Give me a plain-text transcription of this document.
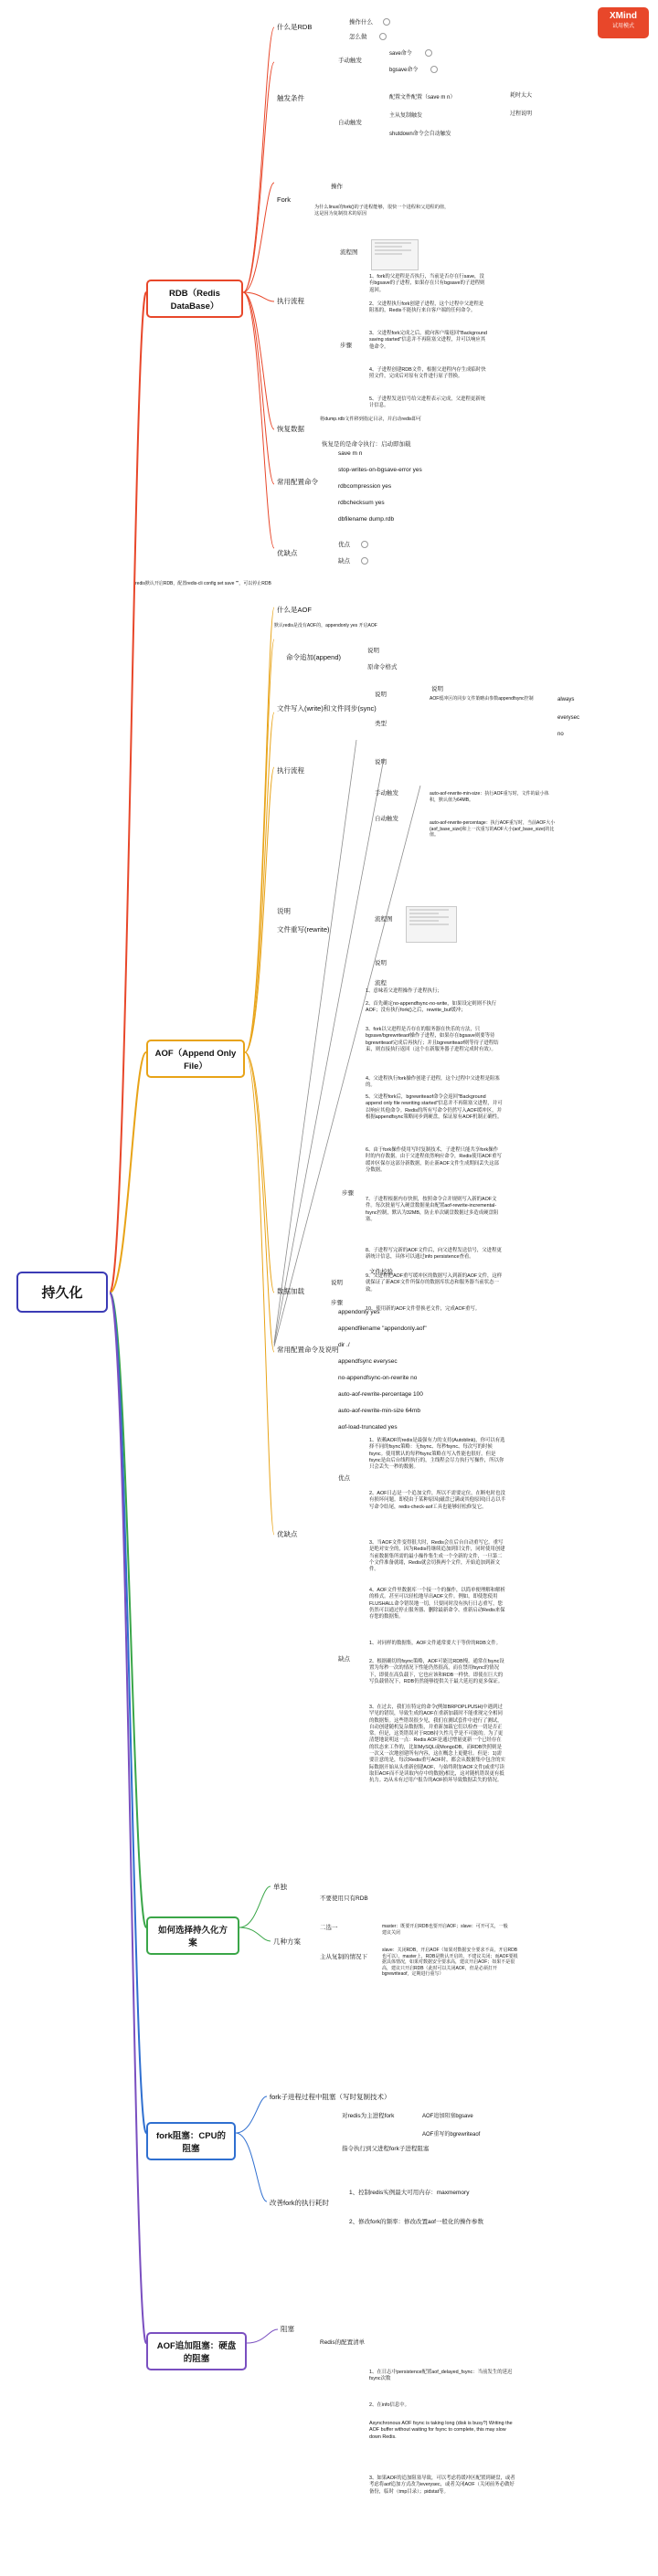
XMind
试用模式
持久化
RDB（Redis DataBase）
AOF（Append Only File）
如何选择持久化方案
fork阻塞：CPU的阻塞
AOF追加阻塞：硬盘的阻塞
什么是RDB
操作什么
怎么做
触发条件
手动触发
save命令
bgsave命令
自动触发
配置文件配置（save m n）
主从复制触发
shutdown命令会自动触发
耗时太大
过程说明
Fork
操作
为什么linux的fork()的子进程能够，很快一个进程和父进程的值，这是因为复制技术的原因
执行流程
流程图
步骤
1、fork的父进程是否执行，当前是否存在行save，没有bgsave的子进程，如果存在只有bgsave的子进程则返回。
2、父进程执行fork创建子进程，这个过程中父进程是阻塞的，Redis不能执行来自客户端的任何命令。
3、父进程fork完成之后，就向客户端返回"Background saving started"信息并不再阻塞父进程，并可以响应其他命令。
4、子进程创建RDB文件，根据父进程内存生成临时快照文件，完成后对原有文件进行原子替换。
5、子进程发送信号给父进程表示完成，父进程更新统计信息。
恢复数据
将dump.rdb文件移到指定目录，并启动redis即可
恢复是的是命令执行：启动即加载
常用配置命令
save m n
stop-writes-on-bgsave-error yes
rdbcompression yes
rdbchecksum yes
dbfilename dump.rdb
优缺点
优点
缺点
redis默认开启RDB，配置redis-cli config set save ""，可以停止RDB
什么是AOF
默认redis是没有AOF的，appendonly yes 开启AOF
命令追加(append)
说明
原命令格式
文件写入(write)和文件同步(sync)
说明
类型
说明
AOF缓冲区的同步文件策略由参数appendfsync控制	always
everysec
no
执行流程
说明
手动触发
自动触发
auto-aof-rewrite-min-size：执行AOF重写时，文件的最小体积，默认值为64MB。
auto-aof-rewrite-percentage：执行AOF重写时，当前AOF大小(aof_base_size)和上一次重写的AOF大小(aof_base_size)的比值。
说明
文件重写(rewrite)
流程图
说明
流程
步骤
1、意味着父进程操作子进程执行；
2、首先确定no-appendfsync-no-write，如果设定则则不执行AOF；没有执行fork()之后，rewrite_buf缓冲；
3、fork以父进程是否存在的服务器在快乐的方法，只bgsave/bgrewriteaof操作子进程，如果存在bgsave则要等待bgrewriteaof完成后再执行；并且bgrewriteaof则等待子进程结束，则直接执行返回（这个在新服务器子进程完成时有效）。
4、父进程执行fork操作创建子进程，这个过程中父进程是阻塞的。
5、父进程fork后，bgrewriteaof命令会返回"Background append only file rewriting started"信息并不再阻塞父进程，并可以响应其他命令。Redis的所有写命令仍然写入AOF缓冲区，并根据appendfsync策略同步到硬盘，保证原有AOF机制正确性。
6、由于fork操作使用写时复制技术，子进程只能共享fork操作时的内存数据。由于父进程依然响应命令，Redis使用AOF重写缓冲区保存这部分新数据，防止新AOF文件生成期间丢失这部分数据。
7、子进程根据内存快照，按照命令合并规则写入新的AOF文件。每次批量写入硬盘数据量由配置aof-rewrite-incremental-fsync控制，默认为32MB，防止单次刷盘数据过多造成硬盘阻塞。
8、子进程写完新的AOF文件后，向父进程发送信号，父进程更新统计信息，具体可以通过info persistence查看。
9、父进程把AOF重写缓冲区的数据写入到新的AOF文件，这样就保证了新AOF文件所保存的数据库状态和服务器当前状态一致。
10、使用新的AOF文件替换老文件，完成AOF重写。
数据加载
说明
步骤
文件校验
常用配置命令及说明
appendonly yes
appendfilename "appendonly.aof"
dir ./
appendfsync everysec
no-appendfsync-on-rewrite no
auto-aof-rewrite-percentage 100
auto-aof-rewrite-min-size 64mb
aof-load-truncated yes
优缺点
优点
缺点
1、依赖AOF的redis是最强有力的支持(Autoblink)，你可以有选择不同的fsync策略：无fsync、每秒fsync、每次写的时候fsync。使用默认的每秒fsync策略在写入性能也很好。但是fsync是由后台线程执行的，主线程会尽力执行写操作，所以你只会丢失一秒的数据。
2、AOF日志是一个追加文件，所以不需要定位，在断电时也没有损坏问题。即使由于某种原因(磁盘已满或其他原因)日志以半写命令结尾，redis-check-aof工具也能够轻松修复它。
3、当AOF文件变得很大时，Redis会在后台自动重写它。重写是绝对安全的，因为Redis将继续追加到旧文件，同时使用创建当前数据集所需的最小操作集生成一个全新的文件，一旦第二个文件准备就绪，Redis就会切换两个文件，开始追加到新文件。
4、AOF文件里数据库一个接一个的操作，以简单便理解和解析的格式。甚至可以轻松地导出AOF文件。例如，即使您使用FLUSHALL命令错误地一切，只要同时没有执行日志重写，您仍然可以通过停止服务器、删除最新命令、重新启动Redis来保存您的数据集。
1、对同样的数据集，AOF文件通常要大于等价的RDB文件。
2、根据确切的fsync策略，AOF可能比RDB慢。通常在fsync设置为每秒一次的情况下性能仍然很高，而在禁用fsync的情况下，即使在高负载下，它也应该和RDB一样快。即使在巨大的写负载情况下，RDB仍然能够提供关于最大延迟的更多保证。
3、在过去，我们在特定的命令(例如BRPOPLPUSH)中遇到过罕见的错误，导致生成的AOF在重新加载时不能重现完全相同的数据集。这些错误很少见，我们在测试套件中进行了测试，自动创建随机复杂数据集，并重新加载它们以检查一切是否正常。但是，这类错误对于RDB持久性几乎是不可能的。为了更清楚地说明这一点：Redis AOF是通过增量更新一个已经存在的状态来工作的，比如MySQL或MongoDB，而RDB快照则是一次又一次地创建所有内容，这在概念上更健壮。但是：1)需要注意的是，每次Redis重写AOF时，都会从数据集中包含的实际数据开始从头重新创建AOF，与始终附加AOF文件(或重写读取旧AOF而不是读取内存中的数据)相比，这对随机错误更有抵抗力。2)从未有过用户报告的AOF损坏导致数据丢失的情况。
单独
不要使用只有RDB
几种方案
二选一
主从复制的情况下
master：既要开启RDB也要开启AOF；slave：可开可关，一般建议关闭
slave：关闭RDB，开启AOF（如果对数据安全要求不高，开启RDB也可以）。master上，RDB是默认开启的，不建议关闭；而AOF要根据具体情况，如果对数据安全要求高，建议开启AOF；如果不是很高，建议只开启RDB（此时可以关闭AOF，但是必须打开bgrewriteaof，定期进行重写）
fork子进程过程中阻塞（写时复制技术）
对redis为主进程fork
指令执行到父进程fork子进程阻塞
AOF追加阻塞bgsave
AOF重写的bgrewriteaof
改善fork的执行耗时
1、控制redis实例最大可用内存：maxmemory
2、修改fork的频率：修改改置aof一般化的操作参数
阻塞
Redis的配置清单
1、在日志中persistence配置aof_delayed_fsync：当前发生的延迟fsync次数
2、在info信息中。
Asynchronous AOF fsync is taking long (disk is busy?) Writing the AOF buffer without waiting for fsync to complete, this may slow down Redis.
3、如果AOF的追加阻塞导致，可以考虑将缓冲区配置到硬盘，或者考虑将aof追加方式改为everysec，或者关闭AOF（关闭前务必做好备份，临时（tmp目录）；pidstat等。
